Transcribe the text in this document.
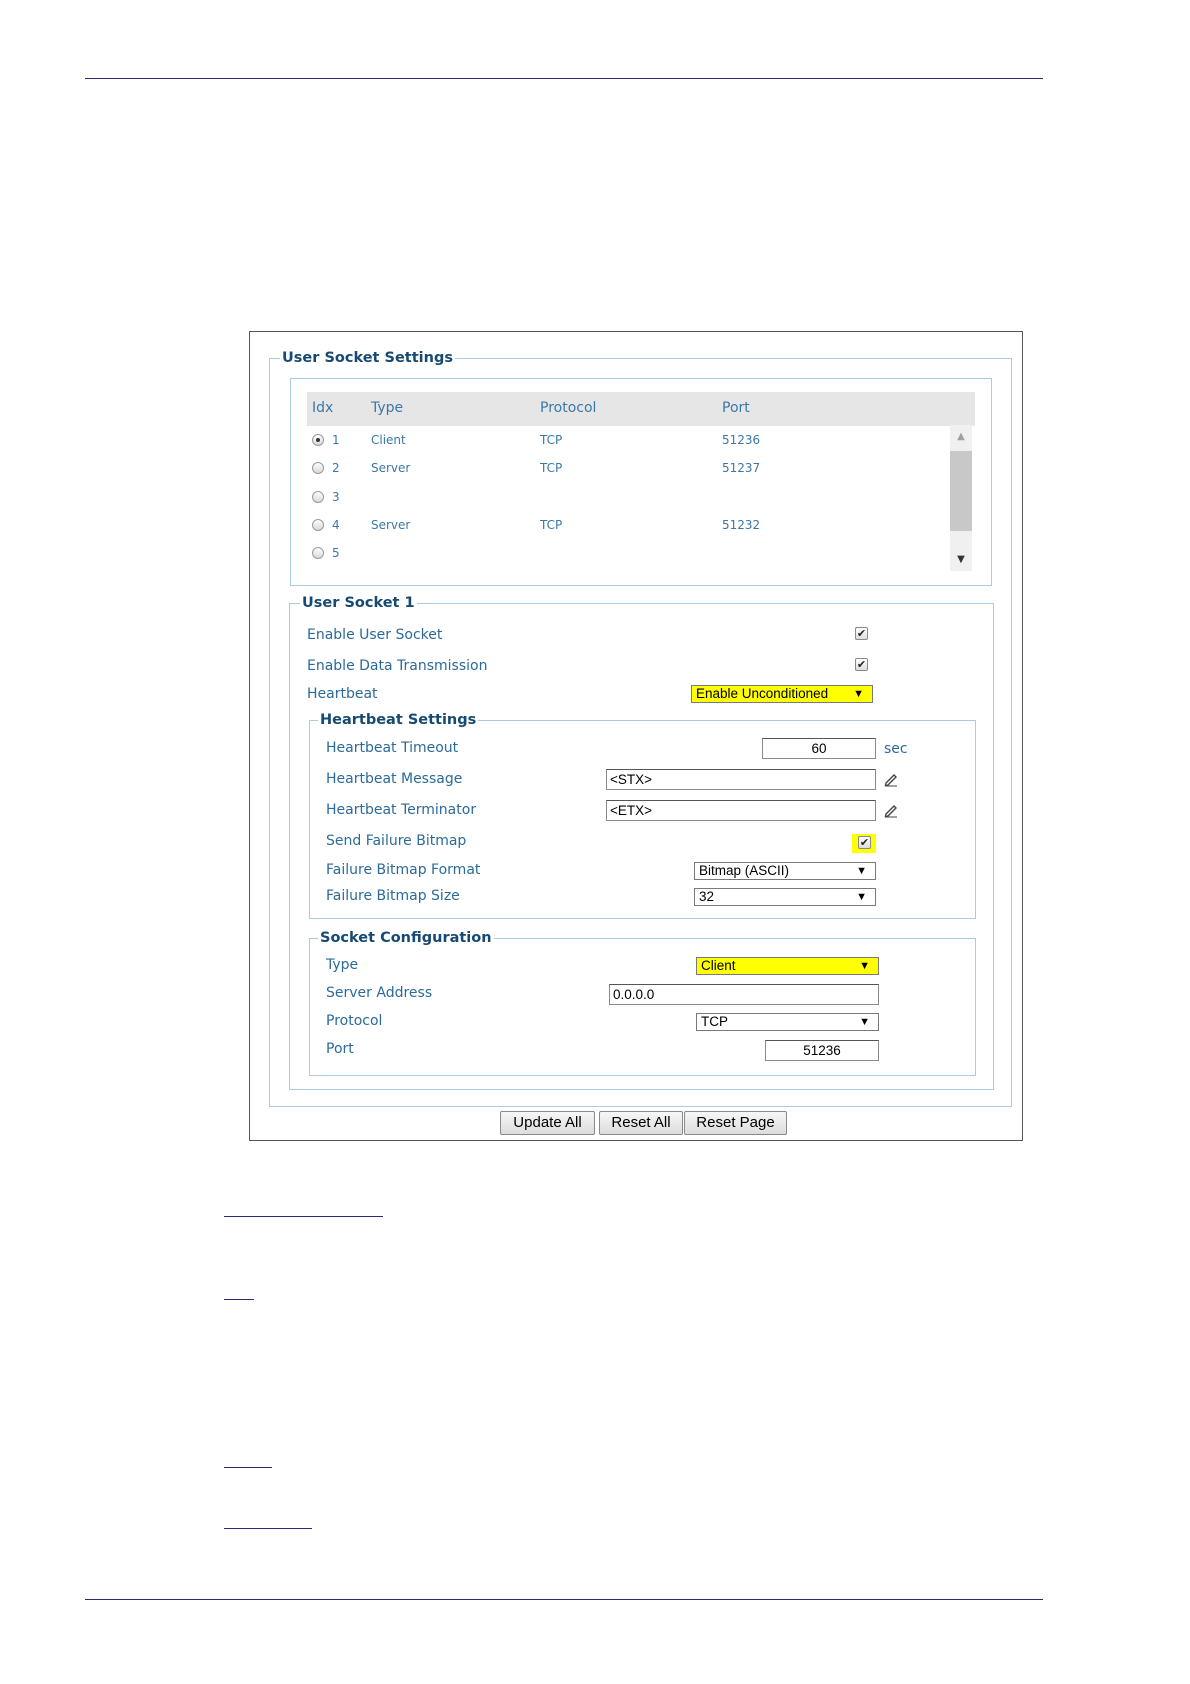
User Socket Settings
Idx	Type	Protocol	Port
1	Client	TCP	51236
2	Server	TCP	51237
3
4	Server	TCP	51232
5
▲
▼
User Socket 1
Enable User Socket	✔
Enable Data Transmission	✔
Heartbeat	Enable Unconditioned ▼
Heartbeat Settings
Heartbeat Timeout	60	sec
Heartbeat Message	<STX>
Heartbeat Terminator	<ETX>
Send Failure Bitmap	✔
Failure Bitmap Format	Bitmap (ASCII)	▼
Failure Bitmap Size	32	▼
Socket Configuration
Type	Client	▼
Server Address	0.0.0.0
Protocol	TCP	▼
Port	51236
Update All	Reset All	Reset Page
